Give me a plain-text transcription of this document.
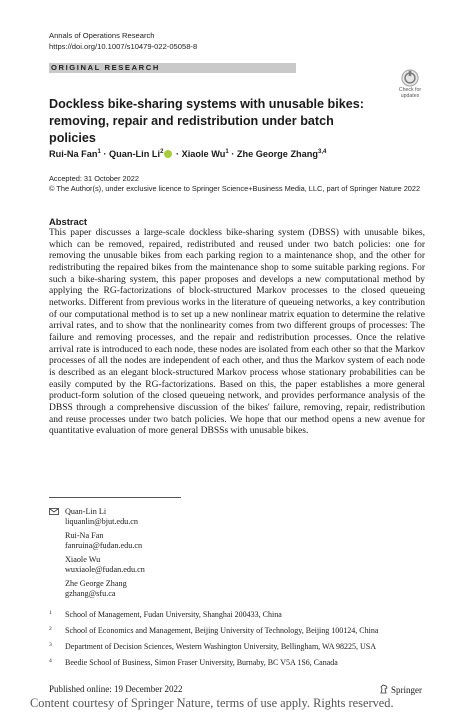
Annals of Operations Research
https://doi.org/10.1007/s10479-022-05058-8
ORIGINAL RESEARCH
Check for
updates
Dockless bike-sharing systems with unusable bikes:
removing, repair and redistribution under batch policies
Rui-Na Fan$^1$ · Quan-Lin $Li^2$ · Xiaole $Wu^1$ · Zhe George Zhang$^{3,4}$
Accepted: 31 October 2022
© The Author(s), under exclusive licence to Springer Science+Business Media, LLC, part of Springer Nature 2022
Abstract

This paper discusses a large-scale dockless bike-sharing system (DBSS) with unusable bikes, which can be removed, repaired, redistributed and reused under two batch policies: one for removing the unusable bikes from each parking region to a maintenance shop, and the other for redistributing the repaired bikes from the maintenance shop to some suitable parking regions. For such a bike-sharing system, this paper proposes and develops a new computational method by applying the RG-factorizations of block-structured Markov processes to the closed queueing networks. Different from previous works in the literature of queueing networks, a key contribution of our computational method is to set up a new nonlinear matrix equation to determine the relative arrival rates, and to show that the nonlinearity comes from two different groups of processes: The failure and removing processes, and the repair and redistribution processes. Once the relative arrival rate is introduced to each node, these nodes are isolated from each other so that the Markov processes of all the nodes are independent of each other, and thus the Markov system of each node is described as an elegant block-structured Markov process whose stationary probabilities can be easily computed by the RG-factorizations. Based on this, the paper establishes a more general product-form solution of the closed queueing network, and provides performance analysis of the DBSS through a comprehensive discussion of the bikes' failure, removing, repair, redistribution and reuse processes under two batch policies. We hope that our method opens a new avenue for quantitative evaluation of more general DBSSs with unusable bikes.

Quan-Lin Li
liquanlin@bjut.edu.cn
Rui-Na Fan
fanruina@fudan.edu.cn
Xiaole Wu
wuxiaole@fudan.edu.cn
Zhe George Zhang
gzhang@sfu.ca
1 School of Management, Fudan University, Shanghai 200433, China
2 School of Economics and Management, Beijing University of Technology, Beijing 100124, China
3 Department of Decision Sciences, Western Washington University, Bellingham, WA 98225, USA
4 Beedie School of Business, Simon Fraser University, Burnaby, BC V5A 1S6, Canada
Published online: 19 December 2022	Springer
Content courtesy of Springer Nature, terms of use apply. Rights reserved.
